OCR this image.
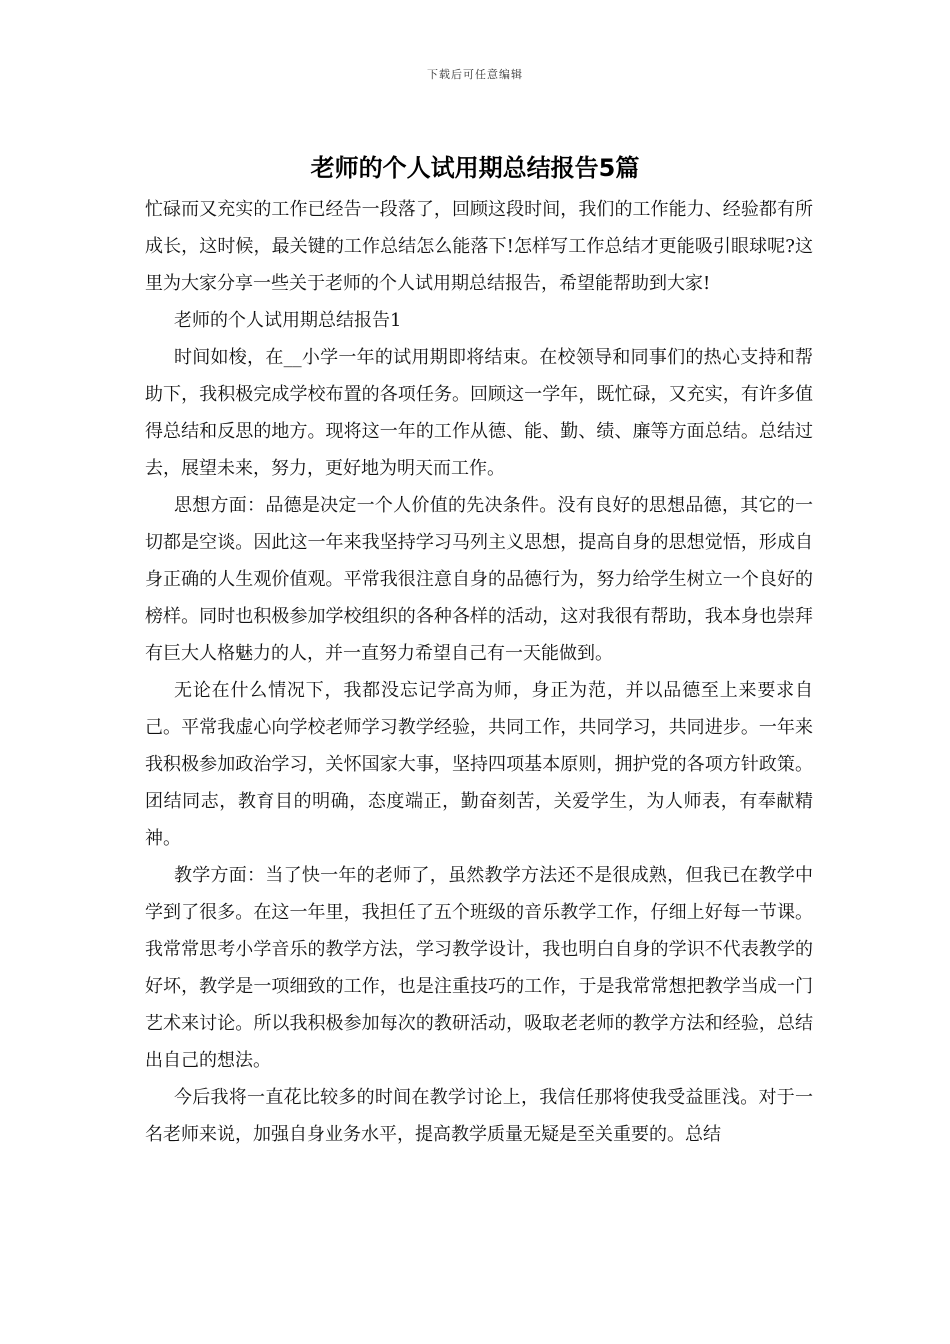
下载后可任意编辑
老师的个人试用期总结报告5篇

忙碌而又充实的工作已经告一段落了，回顾这段时间，我们的工作能力、经验都有所成长，这时候，最关键的工作总结怎么能落下!怎样写工作总结才更能吸引眼球呢?这里为大家分享一些关于老师的个人试用期总结报告，希望能帮助到大家!

老师的个人试用期总结报告1

时间如梭，在__小学一年的试用期即将结束。在校领导和同事们的热心支持和帮助下，我积极完成学校布置的各项任务。回顾这一学年，既忙碌，又充实，有许多值得总结和反思的地方。现将这一年的工作从德、能、勤、绩、廉等方面总结。总结过去，展望未来，努力，更好地为明天而工作。

思想方面：品德是决定一个人价值的先决条件。没有良好的思想品德，其它的一切都是空谈。因此这一年来我坚持学习马列主义思想，提高自身的思想觉悟，形成自身正确的人生观价值观。平常我很注意自身的品德行为，努力给学生树立一个良好的榜样。同时也积极参加学校组织的各种各样的活动，这对我很有帮助，我本身也崇拜有巨大人格魅力的人，并一直努力希望自己有一天能做到。

无论在什么情况下，我都没忘记学高为师，身正为范，并以品德至上来要求自己。平常我虚心向学校老师学习教学经验，共同工作，共同学习，共同进步。一年来我积极参加政治学习，关怀国家大事，坚持四项基本原则，拥护党的各项方针政策。团结同志，教育目的明确，态度端正，勤奋刻苦，关爱学生，为人师表，有奉献精神。

教学方面：当了快一年的老师了，虽然教学方法还不是很成熟，但我已在教学中学到了很多。在这一年里，我担任了五个班级的音乐教学工作，仔细上好每一节课。我常常思考小学音乐的教学方法，学习教学设计，我也明白自身的学识不代表教学的好坏，教学是一项细致的工作，也是注重技巧的工作，于是我常常想把教学当成一门艺术来讨论。所以我积极参加每次的教研活动，吸取老老师的教学方法和经验，总结出自己的想法。

今后我将一直花比较多的时间在教学讨论上，我信任那将使我受益匪浅。对于一名老师来说，加强自身业务水平，提高教学质量无疑是至关重要的。总结
